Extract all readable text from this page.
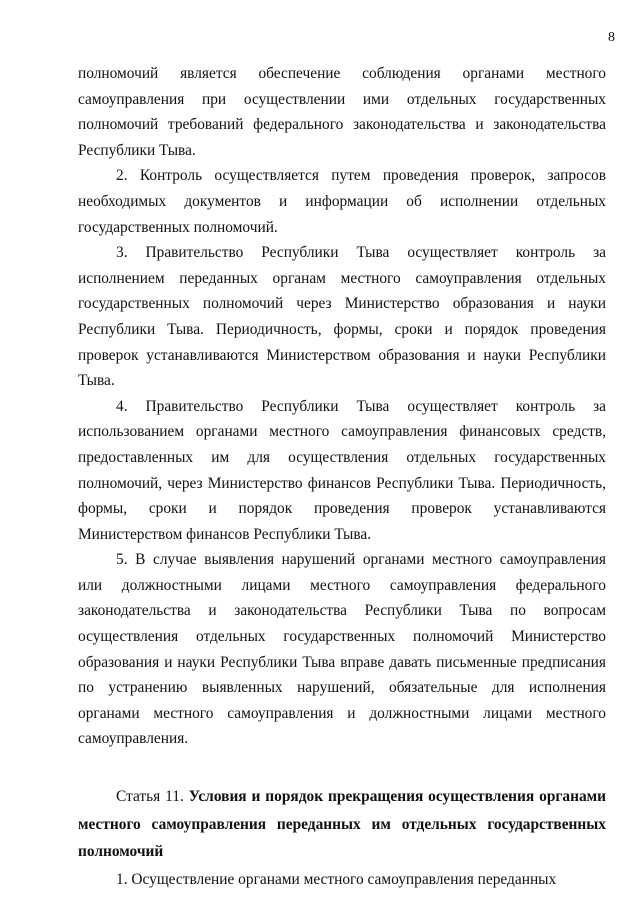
8

полномочий является обеспечение соблюдения органами местного самоуправления при осуществлении ими отдельных государственных полномочий требований федерального законодательства и законодательства Республики Тыва.

2. Контроль осуществляется путем проведения проверок, запросов необходимых документов и информации об исполнении отдельных государственных полномочий.

3. Правительство Республики Тыва осуществляет контроль за исполнением переданных органам местного самоуправления отдельных государственных полномочий через Министерство образования и науки Республики Тыва. Периодичность, формы, сроки и порядок проведения проверок устанавливаются Министерством образования и науки Республики Тыва.

4. Правительство Республики Тыва осуществляет контроль за использованием органами местного самоуправления финансовых средств, предоставленных им для осуществления отдельных государственных полномочий, через Министерство финансов Республики Тыва. Периодичность, формы, сроки и порядок проведения проверок устанавливаются Министерством финансов Республики Тыва.

5. В случае выявления нарушений органами местного самоуправления или должностными лицами местного самоуправления федерального законодательства и законодательства Республики Тыва по вопросам осуществления отдельных государственных полномочий Министерство образования и науки Республики Тыва вправе давать письменные предписания по устранению выявленных нарушений, обязательные для исполнения органами местного самоуправления и должностными лицами местного самоуправления.

Статья 11. Условия и порядок прекращения осуществления органами местного самоуправления переданных им отдельных государственных полномочий

1. Осуществление органами местного самоуправления переданных
